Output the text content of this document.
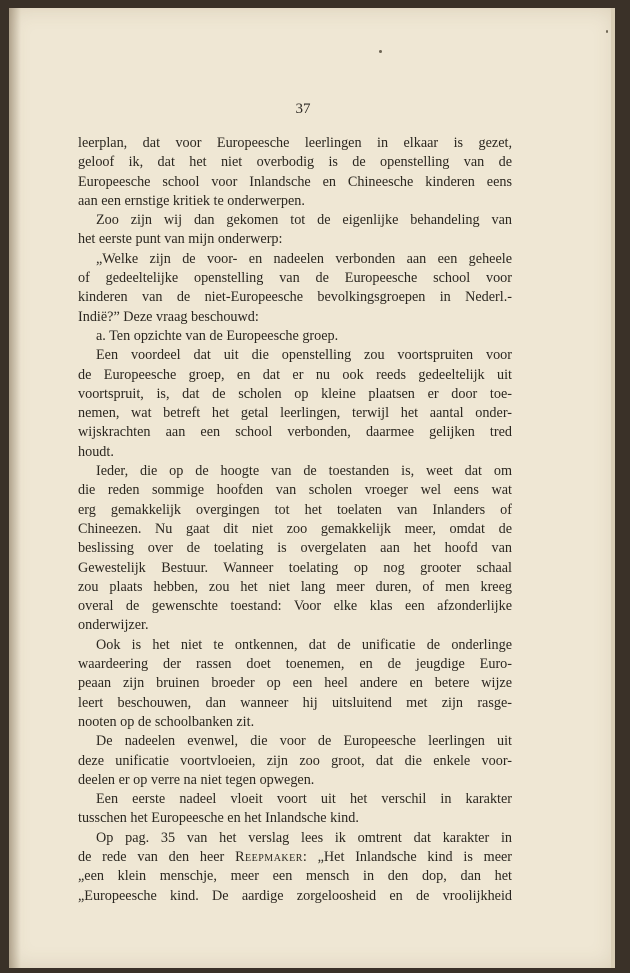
37
leerplan, dat voor Europeesche leerlingen in elkaar is gezet,
geloof ik, dat het niet overbodig is de openstelling van de
Europeesche school voor Inlandsche en Chineesche kinderen eens
aan een ernstige kritiek te onderwerpen.
Zoo zijn wij dan gekomen tot de eigenlijke behandeling van
het eerste punt van mijn onderwerp:
„Welke zijn de voor- en nadeelen verbonden aan een geheele
of gedeeltelijke openstelling van de Europeesche school voor
kinderen van de niet-Europeesche bevolkingsgroepen in Nederl.-
Indië?” Deze vraag beschouwd:
a. Ten opzichte van de Europeesche groep.
Een voordeel dat uit die openstelling zou voortspruiten voor
de Europeesche groep, en dat er nu ook reeds gedeeltelijk uit
voortspruit, is, dat de scholen op kleine plaatsen er door toe-
nemen, wat betreft het getal leerlingen, terwijl het aantal onder-
wijskrachten aan een school verbonden, daarmee gelijken tred
houdt.
Ieder, die op de hoogte van de toestanden is, weet dat om
die reden sommige hoofden van scholen vroeger wel eens wat
erg gemakkelijk overgingen tot het toelaten van Inlanders of
Chineezen. Nu gaat dit niet zoo gemakkelijk meer, omdat de
beslissing over de toelating is overgelaten aan het hoofd van
Gewestelijk Bestuur. Wanneer toelating op nog grooter schaal
zou plaats hebben, zou het niet lang meer duren, of men kreeg
overal de gewenschte toestand: Voor elke klas een afzonderlijke
onderwijzer.
Ook is het niet te ontkennen, dat de unificatie de onderlinge
waardeering der rassen doet toenemen, en de jeugdige Euro-
peaan zijn bruinen broeder op een heel andere en betere wijze
leert beschouwen, dan wanneer hij uitsluitend met zijn rasge-
nooten op de schoolbanken zit.
De nadeelen evenwel, die voor de Europeesche leerlingen uit
deze unificatie voortvloeien, zijn zoo groot, dat die enkele voor-
deelen er op verre na niet tegen opwegen.
Een eerste nadeel vloeit voort uit het verschil in karakter
tusschen het Europeesche en het Inlandsche kind.
Op pag. 35 van het verslag lees ik omtrent dat karakter in
de rede van den heer Reepmaker: „Het Inlandsche kind is meer
„een klein menschje, meer een mensch in den dop, dan het
„Europeesche kind. De aardige zorgeloosheid en de vroolijkheid
